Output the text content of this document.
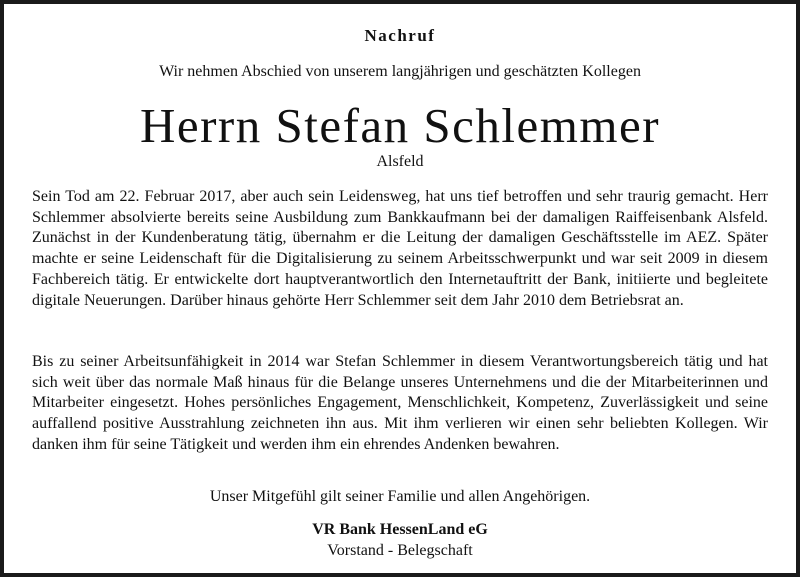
Nachruf
Wir nehmen Abschied von unserem langjährigen und geschätzten Kollegen
Herrn Stefan Schlemmer
Alsfeld

Sein Tod am 22. Februar 2017, aber auch sein Leidensweg, hat uns tief betroffen und sehr traurig gemacht. Herr Schlemmer absolvierte bereits seine Ausbildung zum Bankkaufmann bei der damaligen Raiffeisenbank Alsfeld. Zunächst in der Kundenberatung tätig, übernahm er die Leitung der damaligen Geschäftsstelle im AEZ. Später machte er seine Leidenschaft für die Digitalisierung zu seinem Arbeitsschwerpunkt und war seit 2009 in diesem Fachbereich tätig. Er entwickelte dort hauptverantwortlich den Internetauftritt der Bank, initiierte und begleitete digitale Neuerungen. Darüber hinaus gehörte Herr Schlemmer seit dem Jahr 2010 dem Betriebsrat an.

Bis zu seiner Arbeitsunfähigkeit in 2014 war Stefan Schlemmer in diesem Verantwortungsbereich tätig und hat sich weit über das normale Maß hinaus für die Belange unseres Unternehmens und die der Mitarbeiterinnen und Mitarbeiter eingesetzt. Hohes persönliches Engagement, Menschlichkeit, Kompetenz, Zuverlässigkeit und seine auffallend positive Ausstrahlung zeichneten ihn aus. Mit ihm verlieren wir einen sehr beliebten Kollegen. Wir danken ihm für seine Tätigkeit und werden ihm ein ehrendes Andenken bewahren.

Unser Mitgefühl gilt seiner Familie und allen Angehörigen.
VR Bank HessenLand eG
Vorstand - Belegschaft
